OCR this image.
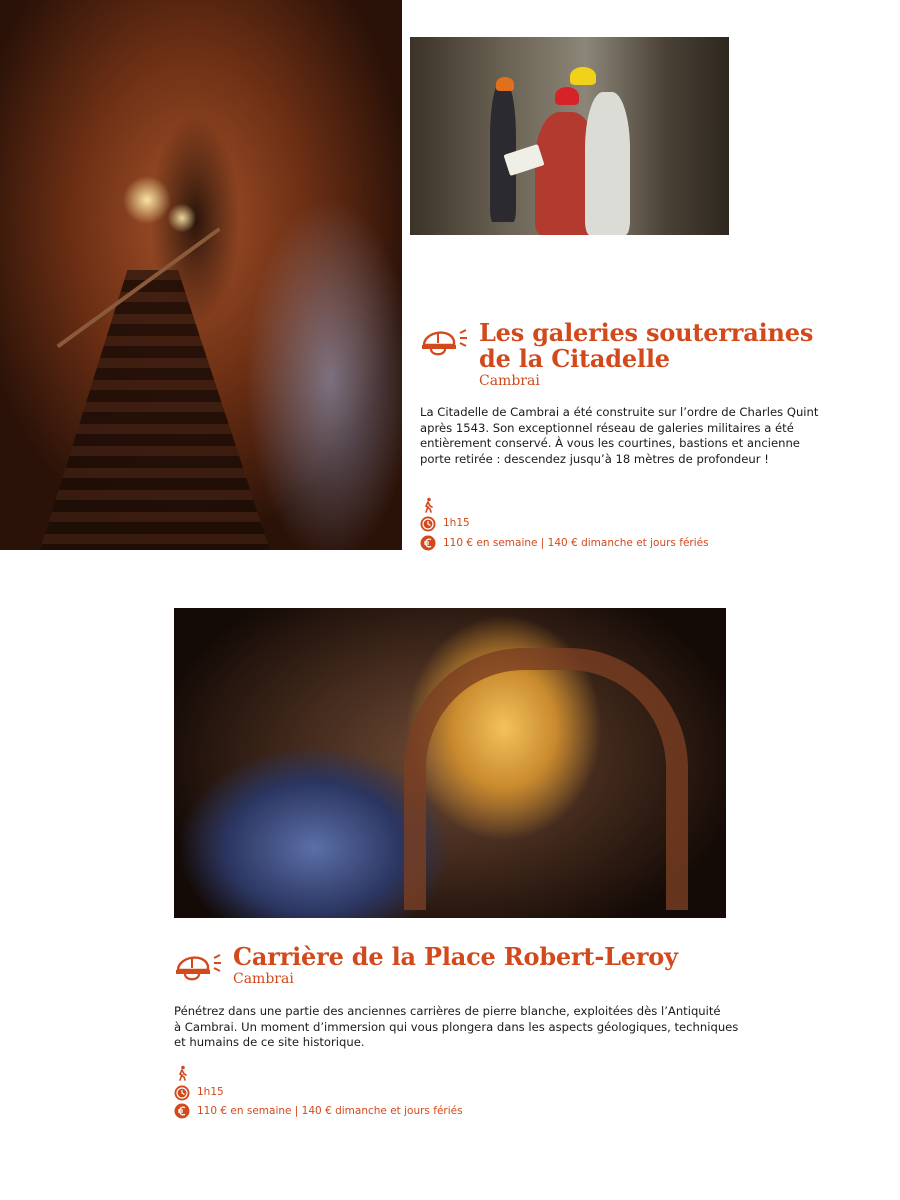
Les galeries souterraines
de la Citadelle
Cambrai
La Citadelle de Cambrai a été construite sur l’ordre de Charles Quint
après 1543. Son exceptionnel réseau de galeries militaires a été
entièrement conservé. À vous les courtines, bastions et ancienne
porte retirée : descendez jusqu’à 18 mètres de profondeur !
1h15
110 € en semaine | 140 € dimanche et jours fériés
Carrière de la Place Robert-Leroy
Cambrai
Pénétrez dans une partie des anciennes carrières de pierre blanche, exploitées dès l’Antiquité
à Cambrai. Un moment d’immersion qui vous plongera dans les aspects géologiques, techniques
et humains de ce site historique.
1h15
110 € en semaine | 140 € dimanche et jours fériés
